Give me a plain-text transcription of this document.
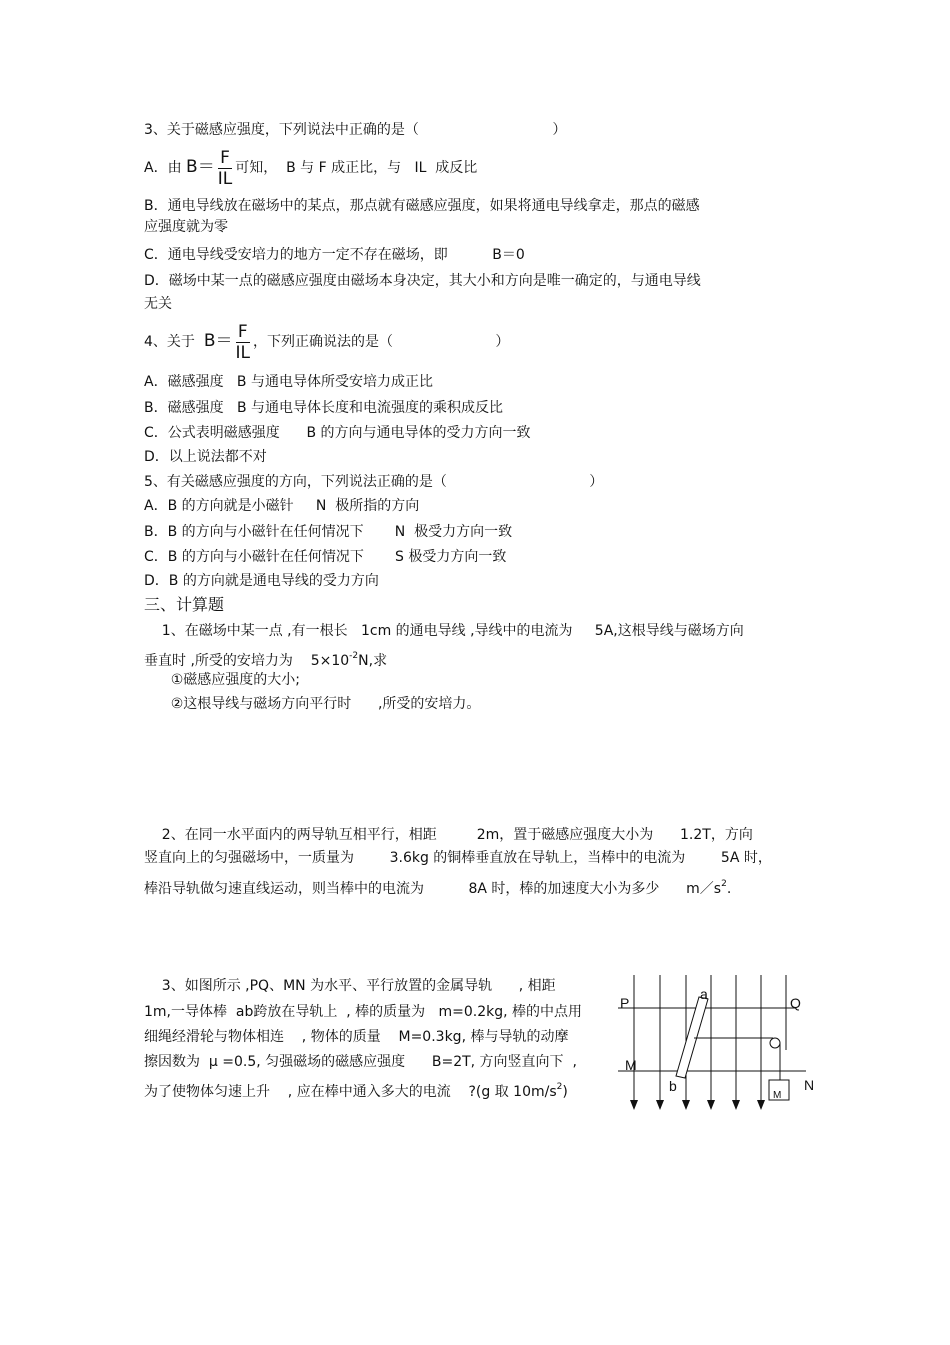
3、关于磁感应强度，下列说法中正确的是（                              ）
A．由 $B= \frac{F}{IL}$ 可知，  B 与 F 成正比，与   IL  成反比
B．通电导线放在磁场中的某点，那点就有磁感应强度，如果将通电导线拿走，那点的磁感
应强度就为零
C．通电导线受安培力的地方一定不存在磁场，即          B＝0
D．磁场中某一点的磁感应强度由磁场本身决定，其大小和方向是唯一确定的，与通电导线
无关
4、关于 $B= \frac{F}{IL}$ ，下列正确说法的是（                       ）
A．磁感强度   B 与通电导体所受安培力成正比
B．磁感强度   B 与通电导体长度和电流强度的乘积成反比
C．公式表明磁感强度      B 的方向与通电导体的受力方向一致
D．以上说法都不对
5、有关磁感应强度的方向，下列说法正确的是（                                ）
A．B 的方向就是小磁针     N  极所指的方向
B．B 的方向与小磁针在任何情况下       N  极受力方向一致
C．B 的方向与小磁针在任何情况下       S 极受力方向一致
D．B 的方向就是通电导线的受力方向
三、计算题
1、在磁场中某一点 ,有一根长   1cm 的通电导线 ,导线中的电流为     5A,这根导线与磁场方向
垂直时 ,所受的安培力为    $5\times 10^{-2}N$,求
①磁感应强度的大小;
②这根导线与磁场方向平行时      ,所受的安培力。
2、在同一水平面内的两导轨互相平行，相距         2m，置于磁感应强度大小为      1.2T，方向
竖直向上的匀强磁场中，一质量为        3.6kg 的铜棒垂直放在导轨上，当棒中的电流为        5A 时，
棒沿导轨做匀速直线运动，则当棒中的电流为          8A 时，棒的加速度大小为多少      $m/s^2$.
3、如图所示 ,PQ、MN 为水平、平行放置的金属导轨      , 相距
1m,一导体棒  ab跨放在导轨上  , 棒的质量为   m=0.2kg, 棒的中点用
细绳经滑轮与物体相连    , 物体的质量    M=0.3kg, 棒与导轨的动摩
擦因数为  μ =0.5, 匀强磁场的磁感应强度      B=2T, 方向竖直向下  ,
为了使物体匀速上升    , 应在棒中通入多大的电流    ?(g 取 $10m/s^2$)
P	Q
M
N
a
b
M
